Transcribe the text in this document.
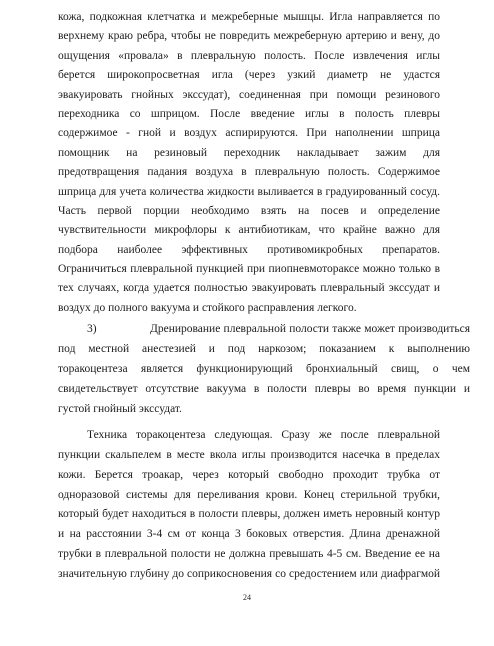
кожа, подкожная клетчатка и межреберные мышцы. Игла направляется по
верхнему краю ребра, чтобы не повредить межреберную артерию и вену, до
ощущения «провала» в плевральную полость. После извлечения иглы
берется широкопросветная игла (через узкий диаметр не удастся
эвакуировать гнойных экссудат), соединенная при помощи резинового
переходника со шприцом. После введение иглы в полость плевры
содержимое - гной и воздух аспирируются. При наполнении шприца
помощник на резиновый переходник накладывает зажим для
предотвращения падания воздуха в плевральную полость. Содержимое
шприца для учета количества жидкости выливается в градуированный сосуд.
Часть первой порции необходимо взять на посев и определение
чувствительности микрофлоры к антибиотикам, что крайне важно для
подбора наиболее эффективных противомикробных препаратов.
Ограничиться плевральной пункцией при пиопневмотораксе можно только в
тех случаях, когда удается полностью эвакуировать плевральный экссудат и
воздух до полного вакуума и стойкого расправления легкого.
3)	Дренирование плевральной полости также может производиться
под местной анестезией и под наркозом; показанием к выполнению
торакоцентеза является функционирующий бронхиальный свищ, о чем
свидетельствует отсутствие вакуума в полости плевры во время пункции и
густой гнойный экссудат.
Техника торакоцентеза следующая. Сразу же после плевральной
пункции скальпелем в месте вкола иглы производится насечка в пределах
кожи. Берется троакар, через который свободно проходит трубка от
одноразовой системы для переливания крови. Конец стерильной трубки,
который будет находиться в полости плевры, должен иметь неровный контур
и на расстоянии 3-4 см от конца 3 боковых отверстия. Длина дренажной
трубки в плевральной полости не должна превышать 4-5 см. Введение ее на
значительную глубину до соприкосновения со средостением или диафрагмой
24
